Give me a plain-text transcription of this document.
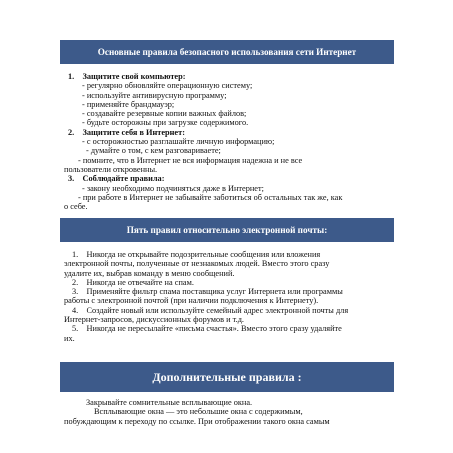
Основные правила безопасного использования сети Интернет
1.    Защитите свой компьютер:
- регулярно обновляйте операционную систему;
- используйте антивирусную программу;
- применяйте брандмауэр;
- создавайте резервные копии важных файлов;
- будьте осторожны при загрузке содержимого.
2.    Защитите себя в Интернет:
- с осторожностью разглашайте личную информацию;
- думайте о том, с кем разговариваете;
- помните, что в Интернет не вся информация надежна и не все
пользователи откровенны.
3.    Соблюдайте правила:
- закону необходимо подчиняться даже в Интернет;
- при работе в Интернет не забывайте заботиться об остальных так же, как
о себе.
Пять правил относительно электронной почты:
1.    Никогда не открывайте подозрительные сообщения или вложения
электронной почты, полученные от незнакомых людей. Вместо этого сразу
удалите их, выбрав команду в меню сообщений.
2.    Никогда не отвечайте на спам.
3.    Применяйте фильтр спама поставщика услуг Интернета или программы
работы с электронной почтой (при наличии подключения к Интернету).
4.    Создайте новый или используйте семейный адрес электронной почты для
Интернет-запросов, дискуссионных форумов и т.д.
5.    Никогда не пересылайте «письма счастья». Вместо этого сразу удаляйте
их.
Дополнительные правила :
Закрывайте сомнительные всплывающие окна.
Всплывающие окна — это небольшие окна с содержимым,
побуждающим к переходу по ссылке. При отображении такого окна самым
